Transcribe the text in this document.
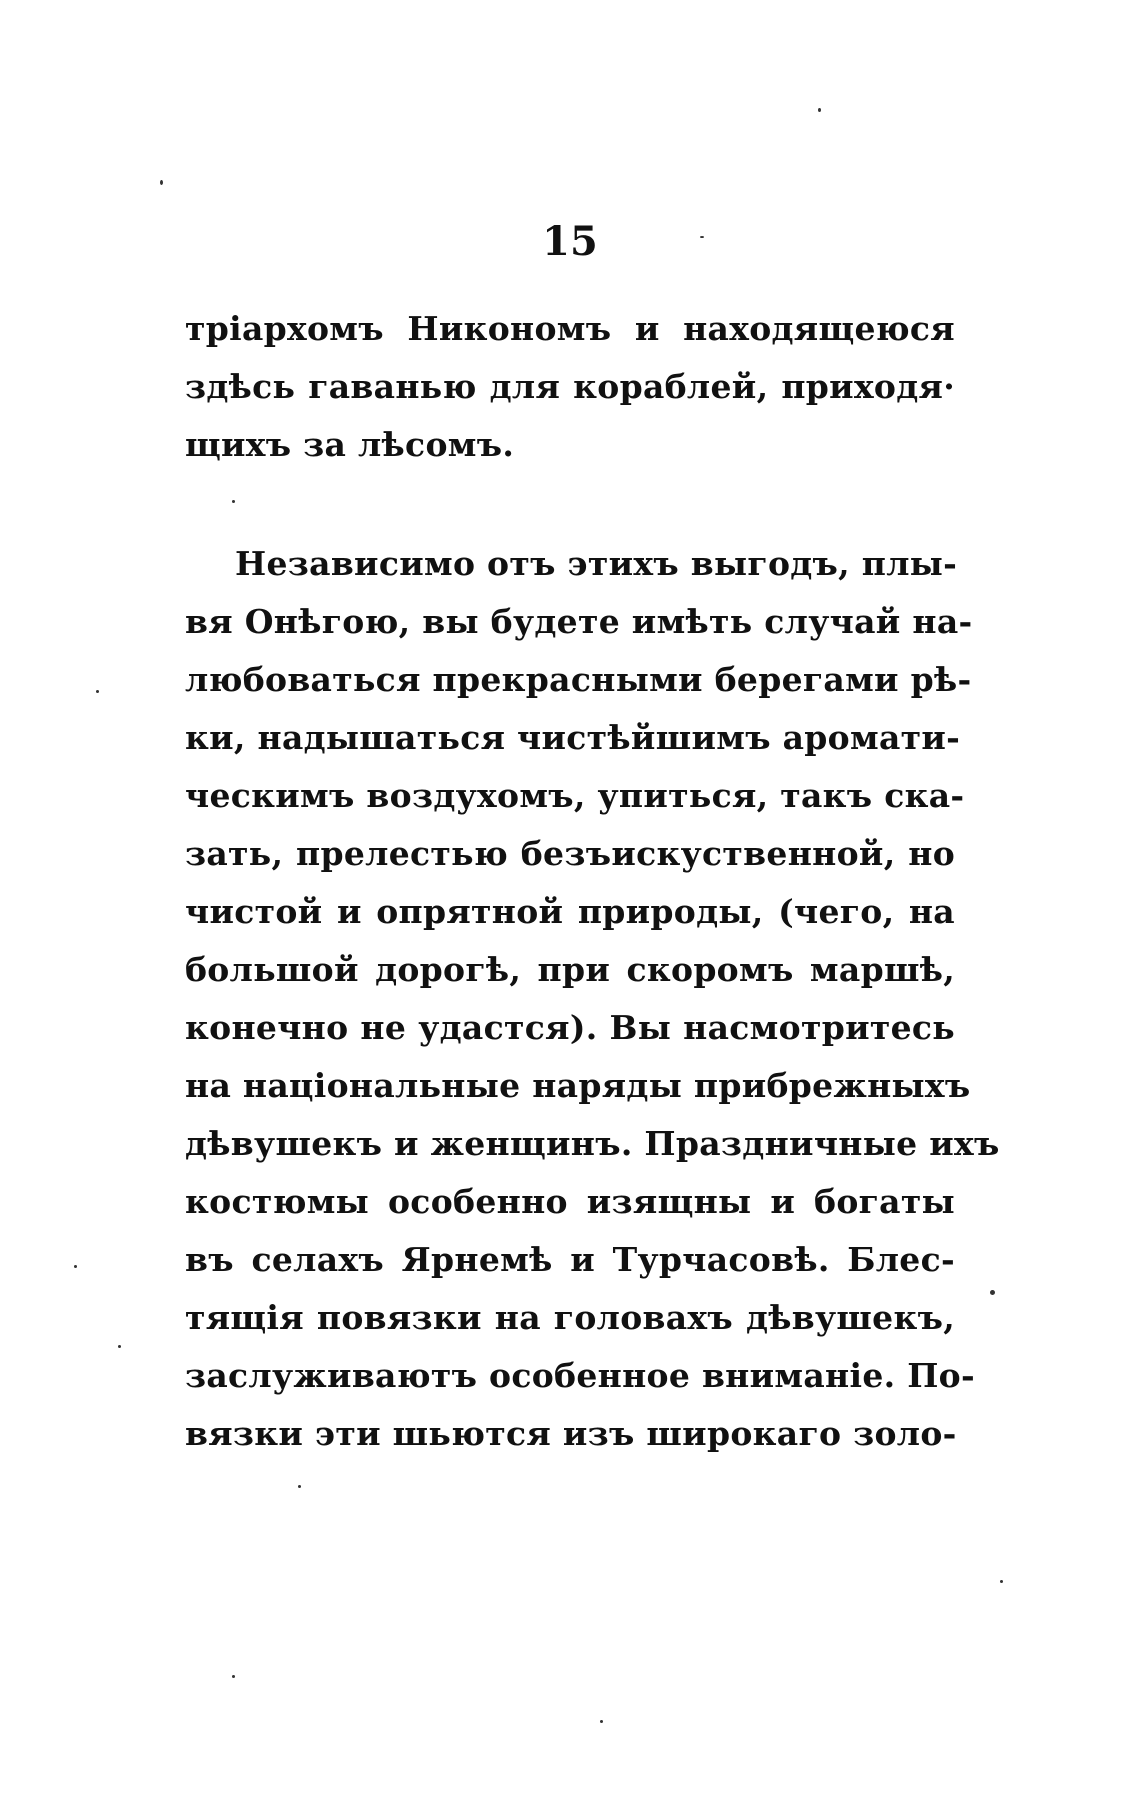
15
тріархомъ Никономъ и находящеюся
здѣсь гаванью для кораблей, приходя·
щихъ за лѣсомъ.
Независимо отъ этихъ выгодъ, плы-
вя Онѣгою, вы будете имѣть случай на-
любоваться прекрасными берегами рѣ-
ки, надышаться чистѣйшимъ аромати-
ческимъ воздухомъ, упиться, такъ ска-
зать, прелестью безъискуственной, но
чистой и опрятной природы, (чего, на
большой дорогѣ, при скоромъ маршѣ,
конечно не удастся). Вы насмотритесь
на національные наряды прибрежныхъ
дѣвушекъ и женщинъ. Праздничные ихъ
костюмы особенно изящны и богаты
въ селахъ Ярнемѣ и Турчасовѣ. Блес-
тящія повязки на головахъ дѣвушекъ,
заслуживаютъ особенное вниманіе. По-
вязки эти шьются изъ широкаго золо-
